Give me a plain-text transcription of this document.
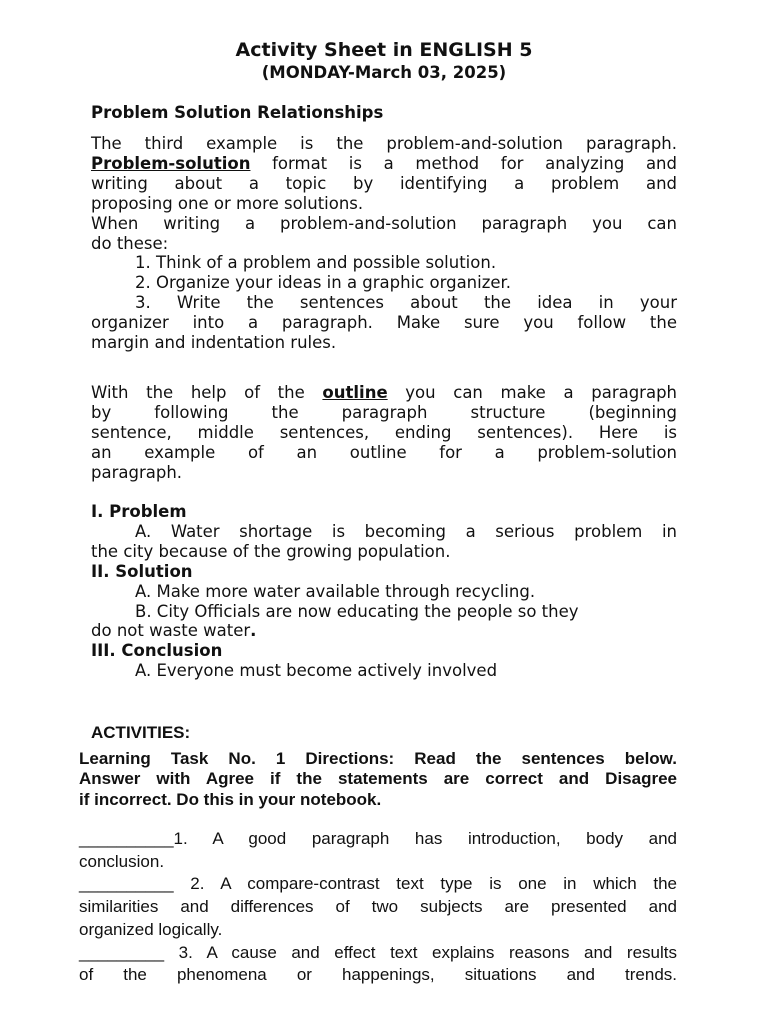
Activity Sheet in ENGLISH 5
(MONDAY-March 03, 2025)
Problem Solution Relationships
The third example is the problem-and-solution paragraph.
Problem-solution format is a method for analyzing and
writing about a topic by identifying a problem and
proposing one or more solutions.
When writing a problem-and-solution paragraph you can
do these:
1. Think of a problem and possible solution.
2. Organize your ideas in a graphic organizer.
3. Write the sentences about the idea in your
organizer into a paragraph. Make sure you follow the
margin and indentation rules.
With the help of the outline you can make a paragraph
by following the paragraph structure (beginning
sentence, middle sentences, ending sentences). Here is
an example of an outline for a problem-solution
paragraph.
I. Problem
A. Water shortage is becoming a serious problem in
the city because of the growing population.
II. Solution
A. Make more water available through recycling.
B. City Officials are now educating the people so they
do not waste water.
III. Conclusion
A. Everyone must become actively involved
ACTIVITIES:
Learning Task No. 1 Directions: Read the sentences below.
Answer with Agree if the statements are correct and Disagree
if incorrect. Do this in your notebook.
__________1. A good paragraph has introduction, body and
conclusion.
__________ 2. A compare-contrast text type is one in which the
similarities and differences of two subjects are presented and
organized logically.
_________ 3. A cause and effect text explains reasons and results
of the phenomena or happenings, situations and trends.
